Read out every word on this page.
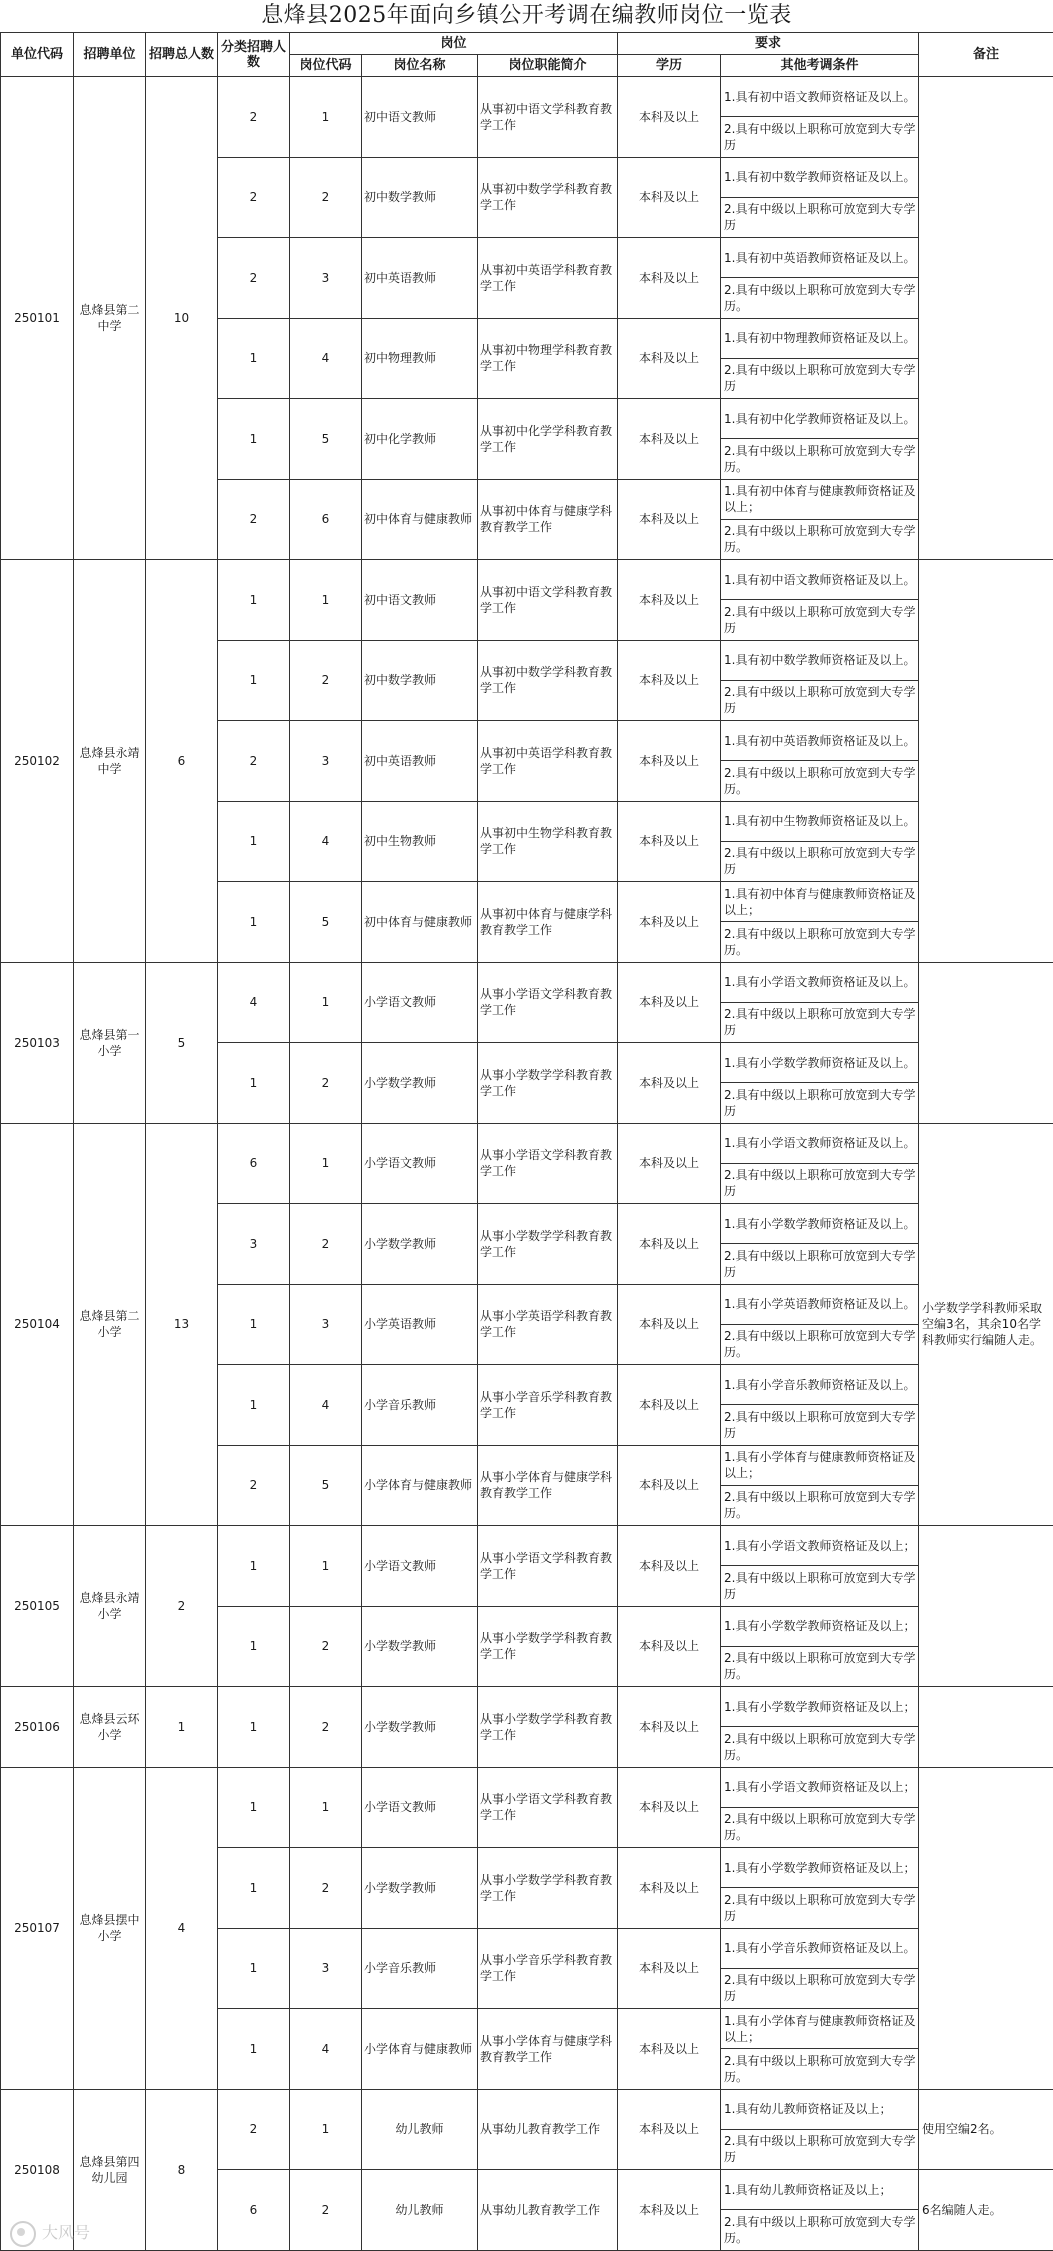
息烽县2025年面向乡镇公开考调在编教师岗位一览表
单位代码	招聘单位	招聘总人数	分类招聘人数	岗位			要求		备注
				岗位代码	岗位名称	岗位职能简介	学历	其他考调条件	
250101	息烽县第二中学	10	2	1	初中语文教师	从事初中语文学科教育教学工作	本科及以上	1.具有初中语文教师资格证及以上。	
								2.具有中级以上职称可放宽到大专学历	
			2	2	初中数学教师	从事初中数学学科教育教学工作	本科及以上	1.具有初中数学教师资格证及以上。	
								2.具有中级以上职称可放宽到大专学历	
			2	3	初中英语教师	从事初中英语学科教育教学工作	本科及以上	1.具有初中英语教师资格证及以上。	
								2.具有中级以上职称可放宽到大专学历。	
			1	4	初中物理教师	从事初中物理学科教育教学工作	本科及以上	1.具有初中物理教师资格证及以上。	
								2.具有中级以上职称可放宽到大专学历	
			1	5	初中化学教师	从事初中化学学科教育教学工作	本科及以上	1.具有初中化学教师资格证及以上。	
								2.具有中级以上职称可放宽到大专学历。	
			2	6	初中体育与健康教师	从事初中体育与健康学科教育教学工作	本科及以上	1.具有初中体育与健康教师资格证及以上；	
								2.具有中级以上职称可放宽到大专学历。	
250102	息烽县永靖中学	6	1	1	初中语文教师	从事初中语文学科教育教学工作	本科及以上	1.具有初中语文教师资格证及以上。	
								2.具有中级以上职称可放宽到大专学历	
			1	2	初中数学教师	从事初中数学学科教育教学工作	本科及以上	1.具有初中数学教师资格证及以上。	
								2.具有中级以上职称可放宽到大专学历	
			2	3	初中英语教师	从事初中英语学科教育教学工作	本科及以上	1.具有初中英语教师资格证及以上。	
								2.具有中级以上职称可放宽到大专学历。	
			1	4	初中生物教师	从事初中生物学科教育教学工作	本科及以上	1.具有初中生物教师资格证及以上。	
								2.具有中级以上职称可放宽到大专学历	
			1	5	初中体育与健康教师	从事初中体育与健康学科教育教学工作	本科及以上	1.具有初中体育与健康教师资格证及以上；	
								2.具有中级以上职称可放宽到大专学历。	
250103	息烽县第一小学	5	4	1	小学语文教师	从事小学语文学科教育教学工作	本科及以上	1.具有小学语文教师资格证及以上。	
								2.具有中级以上职称可放宽到大专学历	
			1	2	小学数学教师	从事小学数学学科教育教学工作	本科及以上	1.具有小学数学教师资格证及以上。	
								2.具有中级以上职称可放宽到大专学历	
250104	息烽县第二小学	13	6	1	小学语文教师	从事小学语文学科教育教学工作	本科及以上	1.具有小学语文教师资格证及以上。	小学数学学科教师采取空编3名，其余10名学科教师实行编随人走。
								2.具有中级以上职称可放宽到大专学历	
			3	2	小学数学教师	从事小学数学学科教育教学工作	本科及以上	1.具有小学数学教师资格证及以上。	
								2.具有中级以上职称可放宽到大专学历	
			1	3	小学英语教师	从事小学英语学科教育教学工作	本科及以上	1.具有小学英语教师资格证及以上。	
								2.具有中级以上职称可放宽到大专学历。	
			1	4	小学音乐教师	从事小学音乐学科教育教学工作	本科及以上	1.具有小学音乐教师资格证及以上。	
								2.具有中级以上职称可放宽到大专学历	
			2	5	小学体育与健康教师	从事小学体育与健康学科教育教学工作	本科及以上	1.具有小学体育与健康教师资格证及以上；	
								2.具有中级以上职称可放宽到大专学历。	
250105	息烽县永靖小学	2	1	1	小学语文教师	从事小学语文学科教育教学工作	本科及以上	1.具有小学语文教师资格证及以上；	
								2.具有中级以上职称可放宽到大专学历	
			1	2	小学数学教师	从事小学数学学科教育教学工作	本科及以上	1.具有小学数学教师资格证及以上；	
								2.具有中级以上职称可放宽到大专学历。	
250106	息烽县云环小学	1	1	2	小学数学教师	从事小学数学学科教育教学工作	本科及以上	1.具有小学数学教师资格证及以上；	
								2.具有中级以上职称可放宽到大专学历。	
250107	息烽县摆中小学	4	1	1	小学语文教师	从事小学语文学科教育教学工作	本科及以上	1.具有小学语文教师资格证及以上；	
								2.具有中级以上职称可放宽到大专学历。	
			1	2	小学数学教师	从事小学数学学科教育教学工作	本科及以上	1.具有小学数学教师资格证及以上；	
								2.具有中级以上职称可放宽到大专学历	
			1	3	小学音乐教师	从事小学音乐学科教育教学工作	本科及以上	1.具有小学音乐教师资格证及以上。	
								2.具有中级以上职称可放宽到大专学历	
			1	4	小学体育与健康教师	从事小学体育与健康学科教育教学工作	本科及以上	1.具有小学体育与健康教师资格证及以上；	
								2.具有中级以上职称可放宽到大专学历。	
250108	息烽县第四幼儿园	8	2	1	幼儿教师	从事幼儿教育教学工作	本科及以上	1.具有幼儿教师资格证及以上；	使用空编2名。
								2.具有中级以上职称可放宽到大专学历	
			6	2	幼儿教师	从事幼儿教育教学工作	本科及以上	1.具有幼儿教师资格证及以上；	6名编随人走。
								2.具有中级以上职称可放宽到大专学历。	
大风号
